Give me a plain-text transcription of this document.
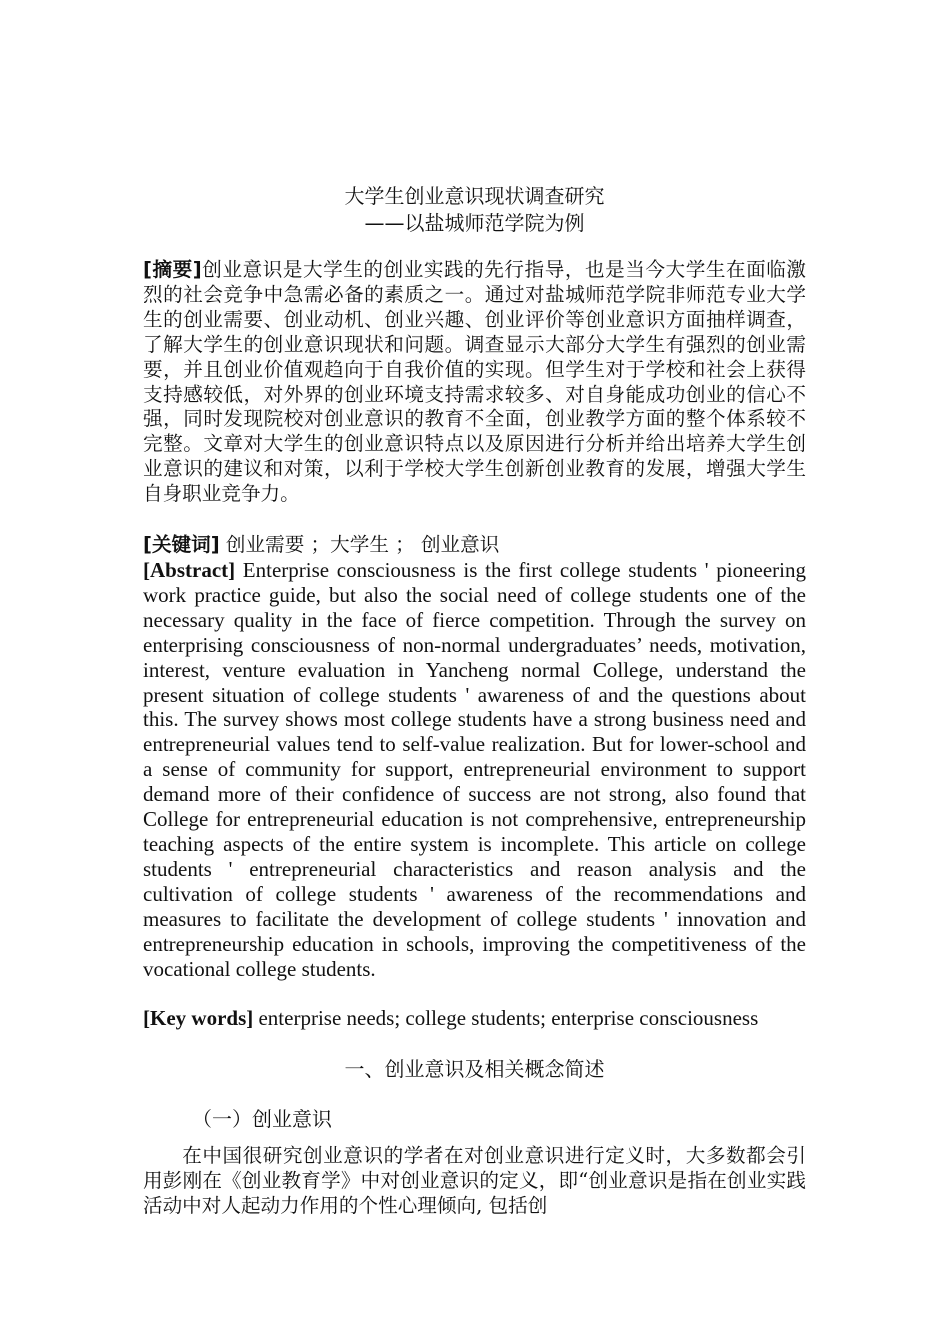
大学生创业意识现状调查研究
——以盐城师范学院为例
[摘要]创业意识是大学生的创业实践的先行指导，也是当今大学生在面临激烈的社会竞争中急需必备的素质之一。通过对盐城师范学院非师范专业大学生的创业需要、创业动机、创业兴趣、创业评价等创业意识方面抽样调查，了解大学生的创业意识现状和问题。调查显示大部分大学生有强烈的创业需要，并且创业价值观趋向于自我价值的实现。但学生对于学校和社会上获得支持感较低，对外界的创业环境支持需求较多、对自身能成功创业的信心不强，同时发现院校对创业意识的教育不全面，创业教学方面的整个体系较不完整。文章对大学生的创业意识特点以及原因进行分析并给出培养大学生创业意识的建议和对策，以利于学校大学生创新创业教育的发展，增强大学生自身职业竞争力。
[关键词] 创业需要 ；大学生 ； 创业意识
[Abstract] Enterprise consciousness is the first college students ' pioneering work practice guide, but also the social need of college students one of the necessary quality in the face of fierce competition. Through the survey on enterprising consciousness of non-normal undergraduates’ needs, motivation, interest, venture evaluation in Yancheng normal College, understand the present situation of college students ' awareness of and the questions about this. The survey shows most college students have a strong business need and entrepreneurial values tend to self-value realization. But for lower-school and a sense of community for support, entrepreneurial environment to support demand more of their confidence of success are not strong, also found that College for entrepreneurial education is not comprehensive, entrepreneurship teaching aspects of the entire system is incomplete. This article on college students ' entrepreneurial characteristics and reason analysis and the cultivation of college students ' awareness of the recommendations and measures to facilitate the development of college students ' innovation and entrepreneurship education in schools, improving the competitiveness of the vocational college students.
[Key words] enterprise needs; college students; enterprise consciousness
一、创业意识及相关概念简述
（一）创业意识
在中国很研究创业意识的学者在对创业意识进行定义时，大多数都会引用彭刚在《创业教育学》中对创业意识的定义，即“创业意识是指在创业实践活动中对人起动力作用的个性心理倾向, 包括创
